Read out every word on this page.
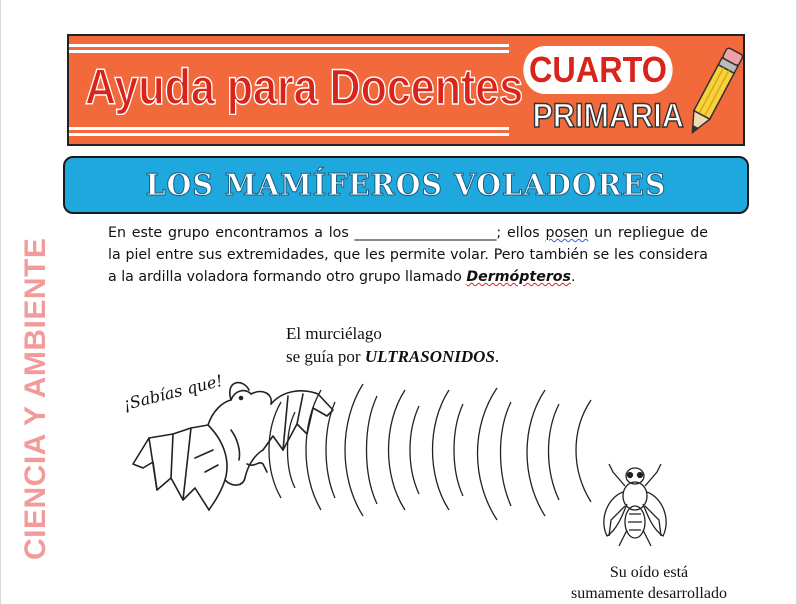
Ayuda para Docentes CUARTO
PRIMARIA
LOS MAMÍFEROS VOLADORES
CIENCIA Y AMBIENTE

En este grupo encontramos a los ____________________; ellos posen un repliegue de la piel entre sus extremidades, que les permite volar. Pero también se les considera a la ardilla voladora formando otro grupo llamado Dermópteros.

El murciélago
se guía por ULTRASONIDOS.
¡Sabías que!
Su oído está
sumamente desarrollado
